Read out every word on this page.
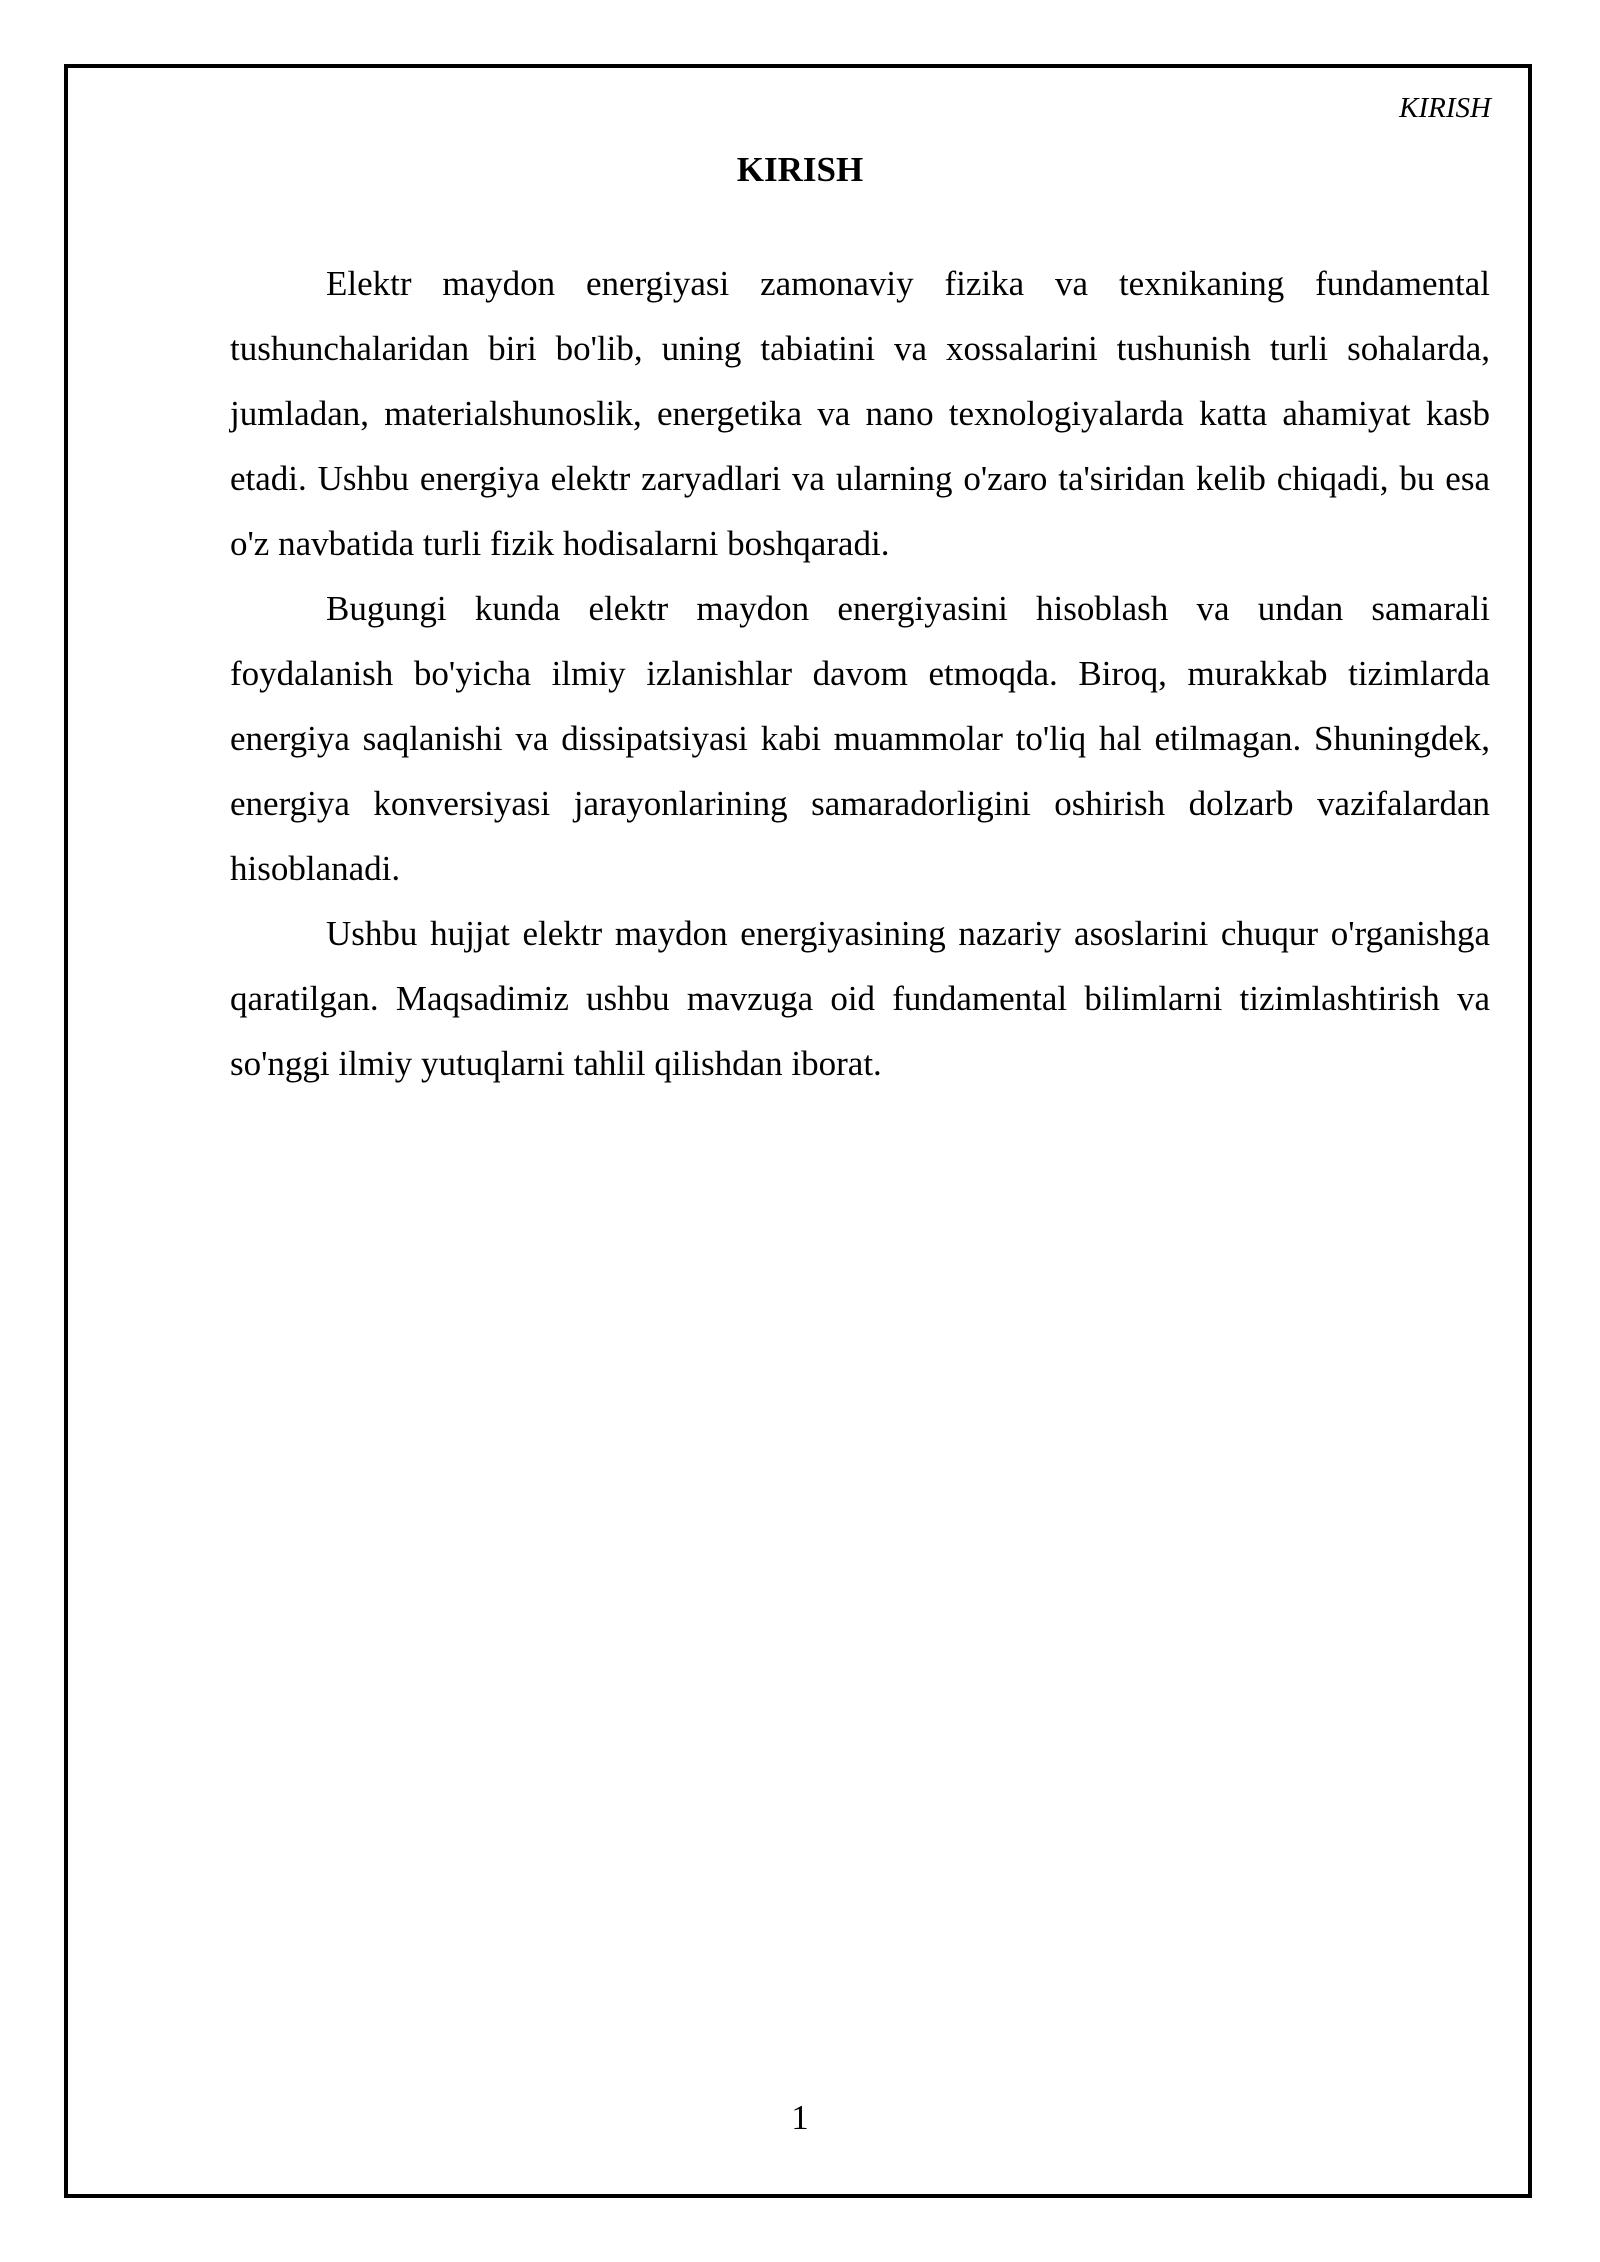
KIRISH
KIRISH

Elektr maydon energiyasi zamonaviy fizika va texnikaning fundamental tushunchalaridan biri bo'lib, uning tabiatini va xossalarini tushunish turli sohalarda, jumladan, materialshunoslik, energetika va nano texnologiyalarda katta ahamiyat kasb etadi. Ushbu energiya elektr zaryadlari va ularning o'zaro ta'siridan kelib chiqadi, bu esa o'z navbatida turli fizik hodisalarni boshqaradi.

Bugungi kunda elektr maydon energiyasini hisoblash va undan samarali foydalanish bo'yicha ilmiy izlanishlar davom etmoqda. Biroq, murakkab tizimlarda energiya saqlanishi va dissipatsiyasi kabi muammolar to'liq hal etilmagan. Shuningdek, energiya konversiyasi jarayonlarining samaradorligini oshirish dolzarb vazifalardan hisoblanadi.

Ushbu hujjat elektr maydon energiyasining nazariy asoslarini chuqur o'rganishga qaratilgan. Maqsadimiz ushbu mavzuga oid fundamental bilimlarni tizimlashtirish va so'nggi ilmiy yutuqlarni tahlil qilishdan iborat.

1
